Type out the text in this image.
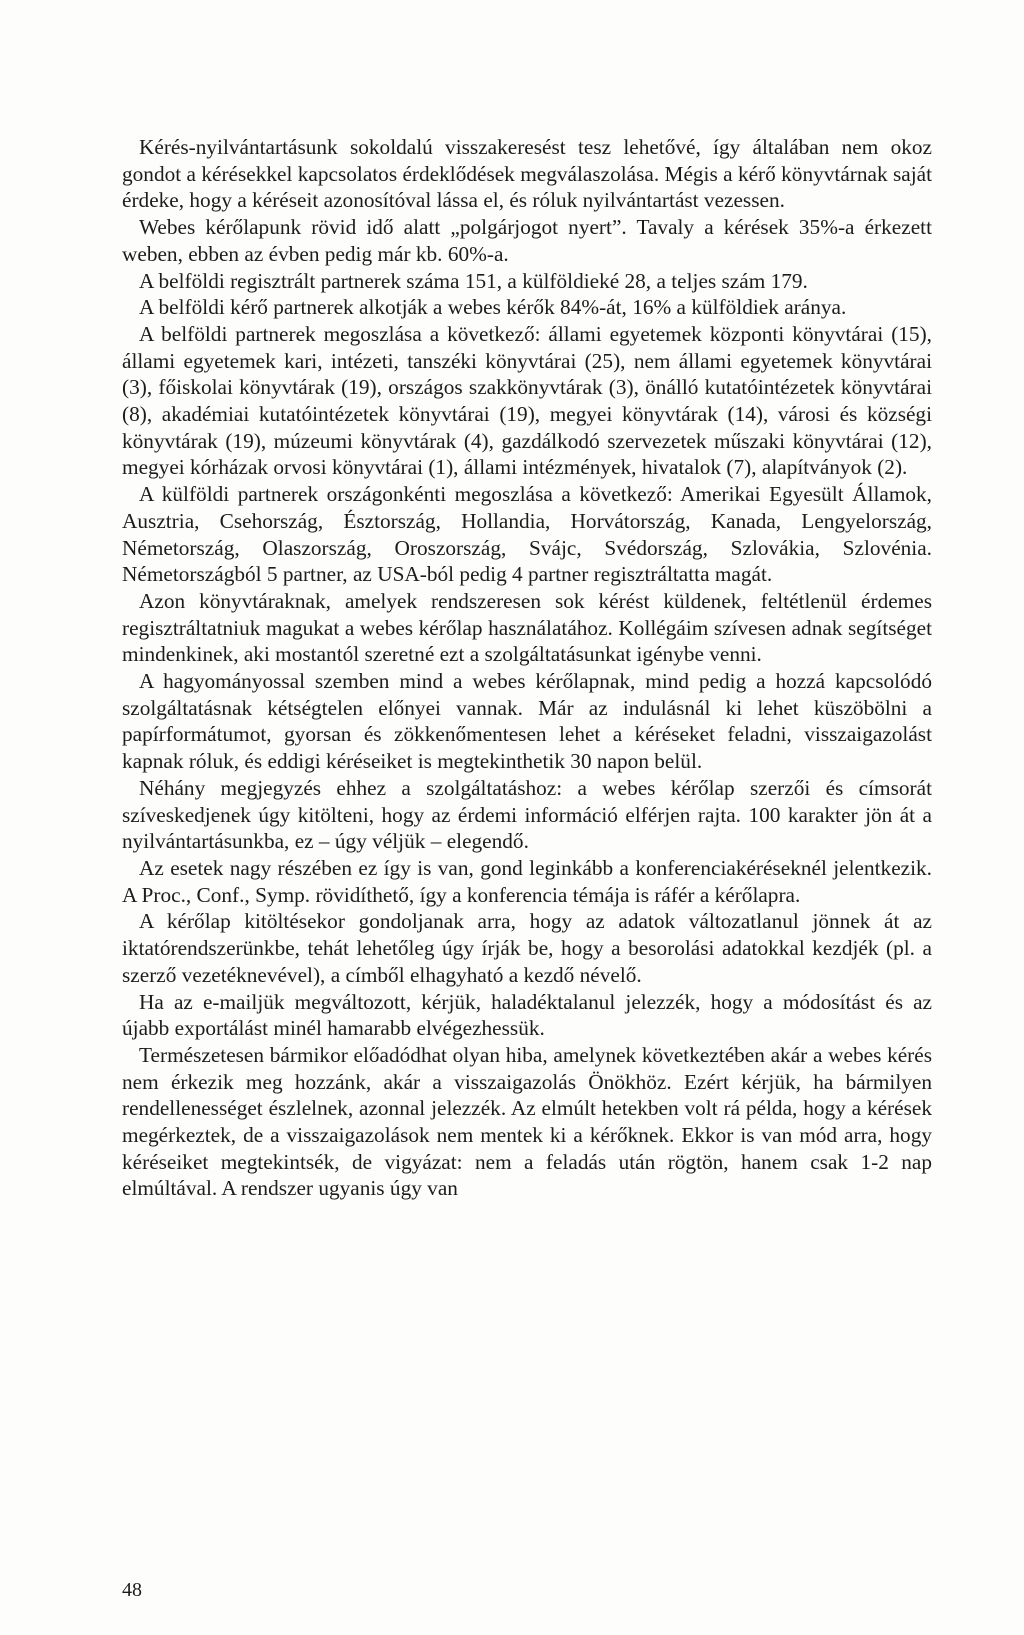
Kérés-nyilvántartásunk sokoldalú visszakeresést tesz lehetővé, így általában nem okoz gondot a kérésekkel kapcsolatos érdeklődések megválaszolása. Mégis a kérő könyvtárnak saját érdeke, hogy a kéréseit azonosítóval lássa el, és róluk nyilvántartást vezessen.

Webes kérőlapunk rövid idő alatt „polgárjogot nyert”. Tavaly a kérések 35%-a érkezett weben, ebben az évben pedig már kb. 60%-a.

A belföldi regisztrált partnerek száma 151, a külföldieké 28, a teljes szám 179.

A belföldi kérő partnerek alkotják a webes kérők 84%-át, 16% a külföldiek aránya.

A belföldi partnerek megoszlása a következő: állami egyetemek központi könyvtárai (15), állami egyetemek kari, intézeti, tanszéki könyvtárai (25), nem állami egyetemek könyvtárai (3), főiskolai könyvtárak (19), országos szakkönyvtárak (3), önálló kutatóintézetek könyvtárai (8), akadémiai kutatóintézetek könyvtárai (19), megyei könyvtárak (14), városi és községi könyvtárak (19), múzeumi könyvtárak (4), gazdálkodó szervezetek műszaki könyvtárai (12), megyei kórházak orvosi könyvtárai (1), állami intézmények, hivatalok (7), alapítványok (2).

A külföldi partnerek országonkénti megoszlása a következő: Amerikai Egyesült Államok, Ausztria, Csehország, Észtország, Hollandia, Horvátország, Kanada, Lengyelország, Németország, Olaszország, Oroszország, Svájc, Svédország, Szlovákia, Szlovénia. Németországból 5 partner, az USA-ból pedig 4 partner regisztráltatta magát.

Azon könyvtáraknak, amelyek rendszeresen sok kérést küldenek, feltétlenül érdemes regisztráltatniuk magukat a webes kérőlap használatához. Kollégáim szívesen adnak segítséget mindenkinek, aki mostantól szeretné ezt a szolgáltatásunkat igénybe venni.

A hagyományossal szemben mind a webes kérőlapnak, mind pedig a hozzá kapcsolódó szolgáltatásnak kétségtelen előnyei vannak. Már az indulásnál ki lehet küszöbölni a papírformátumot, gyorsan és zökkenőmentesen lehet a kéréseket feladni, visszaigazolást kapnak róluk, és eddigi kéréseiket is megtekinthetik 30 napon belül.

Néhány megjegyzés ehhez a szolgáltatáshoz: a webes kérőlap szerzői és címsorát szíveskedjenek úgy kitölteni, hogy az érdemi információ elférjen rajta. 100 karakter jön át a nyilvántartásunkba, ez – úgy véljük – elegendő.

Az esetek nagy részében ez így is van, gond leginkább a konferenciakéréseknél jelentkezik. A Proc., Conf., Symp. rövidíthető, így a konferencia témája is ráfér a kérőlapra.

A kérőlap kitöltésekor gondoljanak arra, hogy az adatok változatlanul jönnek át az iktatórendszerünkbe, tehát lehetőleg úgy írják be, hogy a besorolási adatokkal kezdjék (pl. a szerző vezetéknevével), a címből elhagyható a kezdő névelő.

Ha az e-mailjük megváltozott, kérjük, haladéktalanul jelezzék, hogy a módosítást és az újabb exportálást minél hamarabb elvégezhessük.

Természetesen bármikor előadódhat olyan hiba, amelynek következtében akár a webes kérés nem érkezik meg hozzánk, akár a visszaigazolás Önökhöz. Ezért kérjük, ha bármilyen rendellenességet észlelnek, azonnal jelezzék. Az elmúlt hetekben volt rá példa, hogy a kérések megérkeztek, de a visszaigazolások nem mentek ki a kérőknek. Ekkor is van mód arra, hogy kéréseiket megtekintsék, de vigyázat: nem a feladás után rögtön, hanem csak 1-2 nap elmúltával. A rendszer ugyanis úgy van

48
